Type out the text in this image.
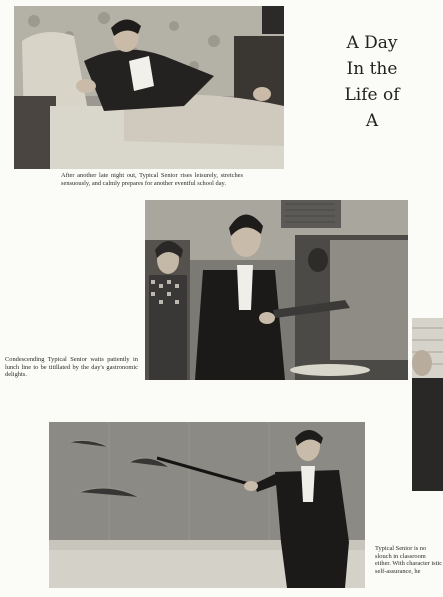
After another late night out, Typical Senior rises leisurely, stretches sensuously, and calmly prepares for another eventful school day.
A Day
In the
Life of
A
Condescending Typical Senior waits patiently in lunch line to be titillated by the day's gastronomic delights.
Typical Senior is no slouch in classroom either. With character istic self-assurance, he
